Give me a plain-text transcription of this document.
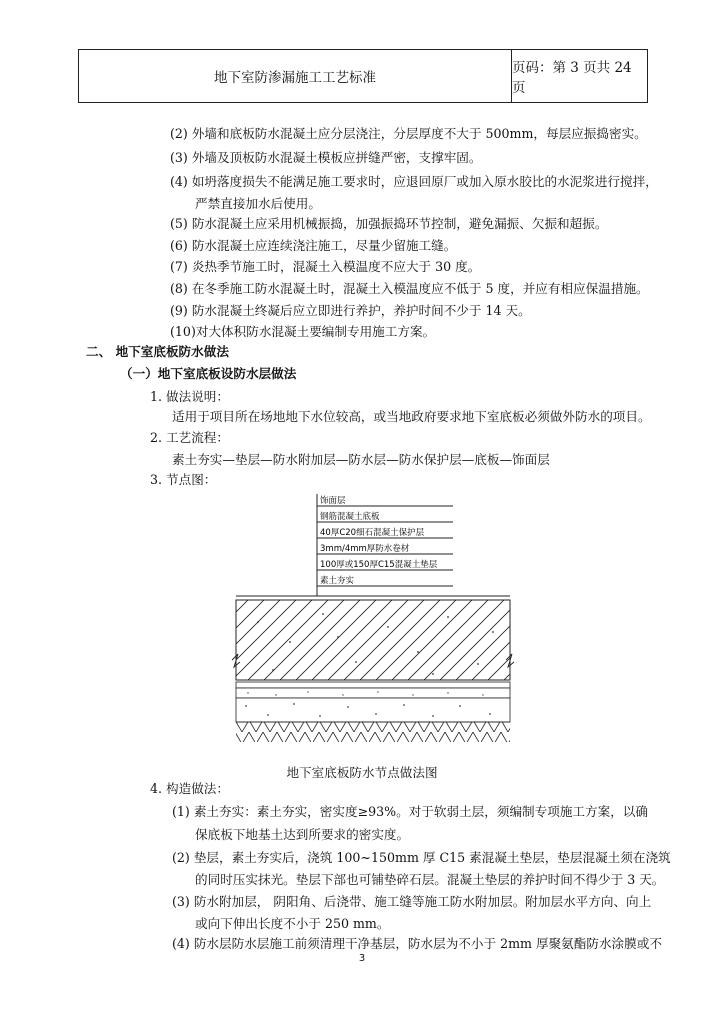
地下室防渗漏施工工艺标准
页码：第 3 页共 24 页
(2) 外墙和底板防水混凝土应分层浇注，分层厚度不大于 500mm，每层应振捣密实。
(3) 外墙及顶板防水混凝土模板应拼缝严密，支撑牢固。
(4) 如坍落度损失不能满足施工要求时，应退回原厂或加入原水胶比的水泥浆进行搅拌，
严禁直接加水后使用。
(5) 防水混凝土应采用机械振捣，加强振捣环节控制，避免漏振、欠振和超振。
(6) 防水混凝土应连续浇注施工，尽量少留施工缝。
(7) 炎热季节施工时，混凝土入模温度不应大于 30 度。
(8) 在冬季施工防水混凝土时，混凝土入模温度应不低于 5 度，并应有相应保温措施。
(9) 防水混凝土终凝后应立即进行养护，养护时间不少于 14 天。
(10)对大体积防水混凝土要编制专用施工方案。
二、 地下室底板防水做法
（一）地下室底板设防水层做法
1. 做法说明：
适用于项目所在场地地下水位较高，或当地政府要求地下室底板必须做外防水的项目。
2. 工艺流程：
素土夯实—垫层—防水附加层—防水层—防水保护层—底板—饰面层
3. 节点图：
饰面层
钢筋混凝土底板
40厚C20细石混凝土保护层
3mm/4mm厚防水卷材
100厚或150厚C15混凝土垫层
素土夯实
地下室底板防水节点做法图
4. 构造做法：
(1) 素土夯实：素土夯实，密实度≥93%。对于软弱土层，须编制专项施工方案，以确
保底板下地基土达到所要求的密实度。
(2) 垫层，素土夯实后，浇筑 100~150mm 厚 C15 素混凝土垫层，垫层混凝土须在浇筑
的同时压实抹光。垫层下部也可铺垫碎石层。混凝土垫层的养护时间不得少于 3 天。
(3) 防水附加层， 阴阳角、后浇带、施工缝等施工防水附加层。附加层水平方向、向上
或向下伸出长度不小于 250 mm。
(4) 防水层防水层施工前须清理干净基层，防水层为不小于 2mm 厚聚氨酯防水涂膜或不
3
